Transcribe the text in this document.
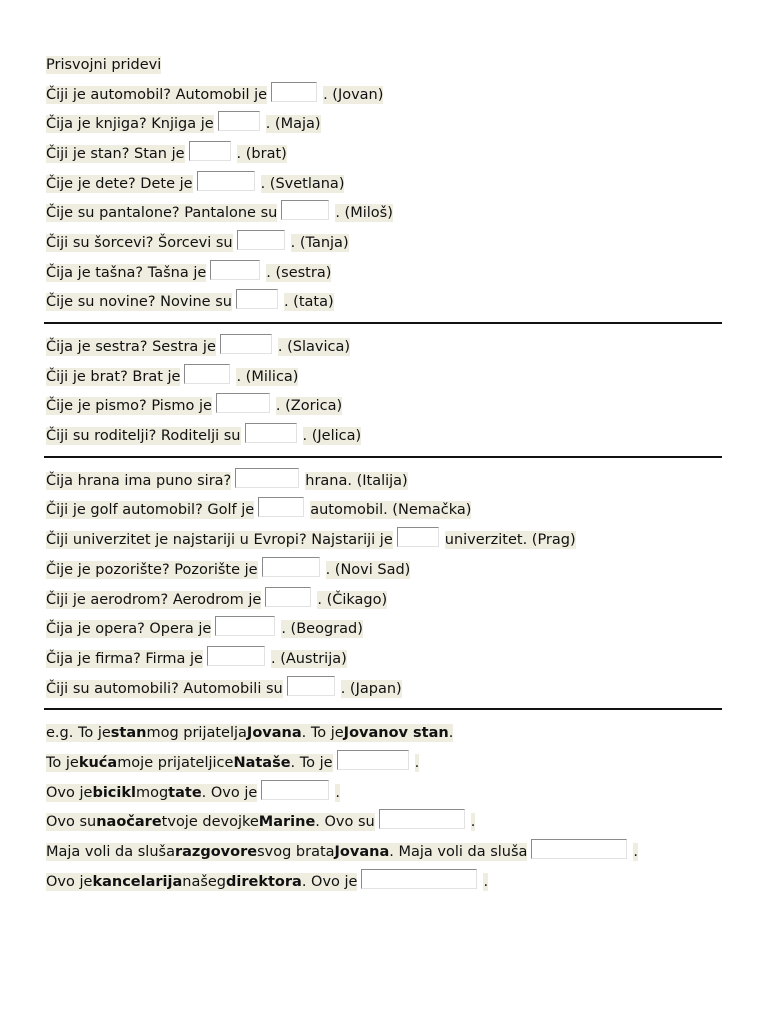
Prisvojni pridevi
Čiji je automobil? Automobil je	. (Jovan)
Čija je knjiga? Knjiga je	. (Maja)
Čiji je stan? Stan je	. (brat)
Čije je dete? Dete je	. (Svetlana)
Čije su pantalone? Pantalone su	. (Miloš)
Čiji su šorcevi? Šorcevi su	. (Tanja)
Čija je tašna? Tašna je	. (sestra)
Čije su novine? Novine su	. (tata)
Čija je sestra? Sestra je	. (Slavica)
Čiji je brat? Brat je	. (Milica)
Čije je pismo? Pismo je	. (Zorica)
Čiji su roditelji? Roditelji su	. (Jelica)
Čija hrana ima puno sira?	hrana. (Italija)
Čiji je golf automobil? Golf je	automobil. (Nemačka)
Čiji univerzitet je najstariji u Evropi? Najstariji je	univerzitet. (Prag)
Čije je pozorište? Pozorište je	. (Novi Sad)
Čiji je aerodrom? Aerodrom je	. (Čikago)
Čija je opera? Opera je	. (Beograd)
Čija je firma? Firma je	. (Austrija)
Čiji su automobili? Automobili su	. (Japan)
e.g. To je stan mog prijatelja Jovana . To je Jovanov stan .
To je kuća moje prijateljice Nataše . To je	.
Ovo je bicikl mog tate . Ovo je	.
Ovo su naočare tvoje devojke Marine . Ovo su	.
Maja voli da sluša razgovore svog brata Jovana . Maja voli da sluša	.
Ovo je kancelarija našeg direktora . Ovo je	.
